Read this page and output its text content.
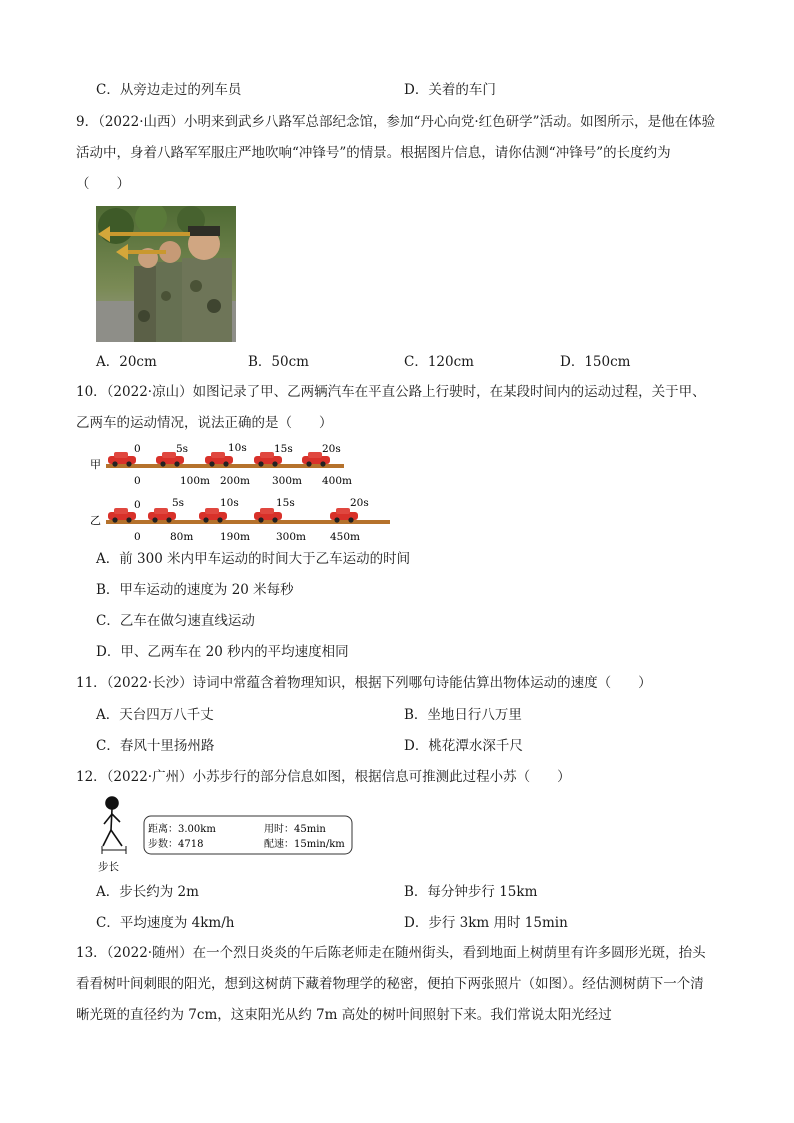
C．从旁边走过的列车员	D．关着的车门
9．（2022·山西）小明来到武乡八路军总部纪念馆，参加“丹心向党·红色研学”活动。如图所示，是他在体验活动中，身着八路军军服庄严地吹响“冲锋号”的情景。根据图片信息，请你估测“冲锋号”的长度约为（　　）
A．20cm	B．50cm	C．120cm	D．150cm
10．（2022·凉山）如图记录了甲、乙两辆汽车在平直公路上行驶时，在某段时间内的运动过程，关于甲、乙两车的运动情况，说法正确的是（　　）
甲
0	5s	10s	15s	20s
0	100m 200m 300m 400m
乙
0	5s	10s	15s	20s
0	80m	190m 300m 450m
A．前 300 米内甲车运动的时间大于乙车运动的时间
B．甲车运动的速度为 20 米每秒
C．乙车在做匀速直线运动
D．甲、乙两车在 20 秒内的平均速度相同
11．（2022·长沙）诗词中常蕴含着物理知识，根据下列哪句诗能估算出物体运动的速度（　　）
A．天台四万八千丈	B．坐地日行八万里
C．春风十里扬州路	D．桃花潭水深千尺
12．（2022·广州）小苏步行的部分信息如图，根据信息可推测此过程小苏（　　）
步长
距离：3.00km	用时：45min
步数：4718	配速：15min/km
A．步长约为 2m	B．每分钟步行 15km
C．平均速度为 4km/h	D．步行 3km 用时 15min
13．（2022·随州）在一个烈日炎炎的午后陈老师走在随州街头，看到地面上树荫里有许多圆形光斑，抬头看看树叶间刺眼的阳光，想到这树荫下藏着物理学的秘密，便拍下两张照片（如图）。经估测树荫下一个清晰光斑的直径约为 7cm，这束阳光从约 7m 高处的树叶间照射下来。我们常说太阳光经过
